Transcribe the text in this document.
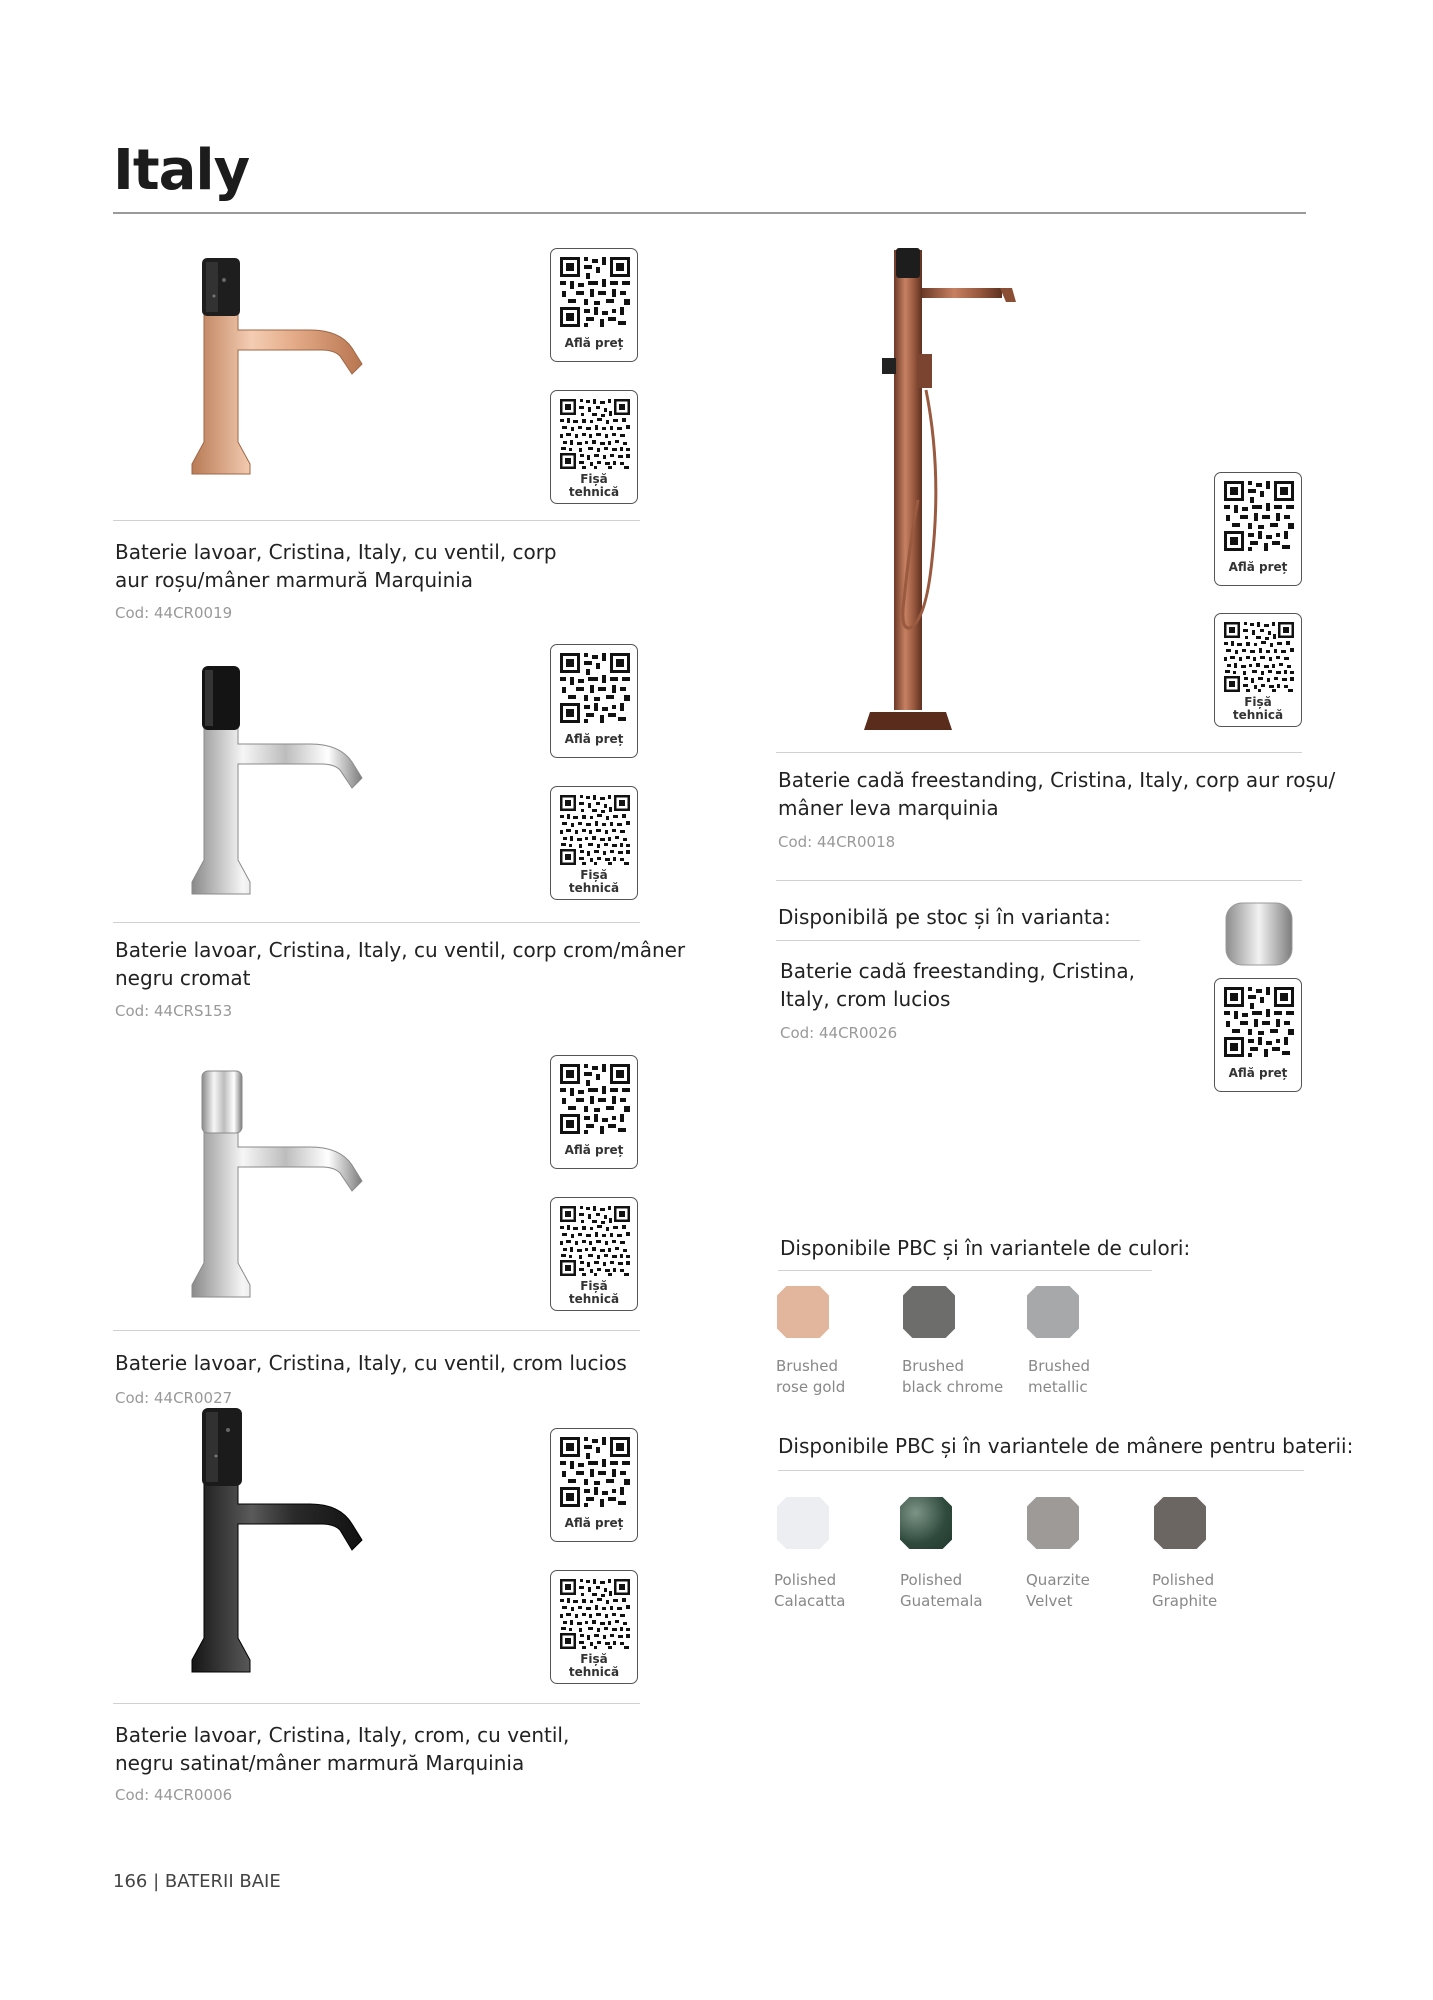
Italy
Află preț
Fișă
tehnică
Baterie lavoar, Cristina, Italy, cu ventil, corp
aur roșu/mâner marmură Marquinia
Cod: 44CR0019
Află preț
Fișă
tehnică
Baterie lavoar, Cristina, Italy, cu ventil, corp crom/mâner
negru cromat
Cod: 44CRS153
Află preț
Fișă
tehnică
Baterie lavoar, Cristina, Italy, cu ventil, crom lucios
Cod: 44CR0027
Află preț
Fișă
tehnică
Baterie lavoar, Cristina, Italy, crom, cu ventil,
negru satinat/mâner marmură Marquinia
Cod: 44CR0006
Află preț
Fișă
tehnică
Baterie cadă freestanding, Cristina, Italy, corp aur roșu/
mâner leva marquinia
Cod: 44CR0018
Disponibilă pe stoc și în varianta:
Baterie cadă freestanding, Cristina,
Italy, crom lucios
Cod: 44CR0026
Află preț
Disponibile PBC și în variantele de culori:
Brushed
rose gold
Brushed
black chrome
Brushed
metallic
Disponibile PBC și în variantele de mânere pentru baterii:
Polished
Calacatta
Polished
Guatemala
Quarzite
Velvet
Polished
Graphite
166 | BATERII BAIE
